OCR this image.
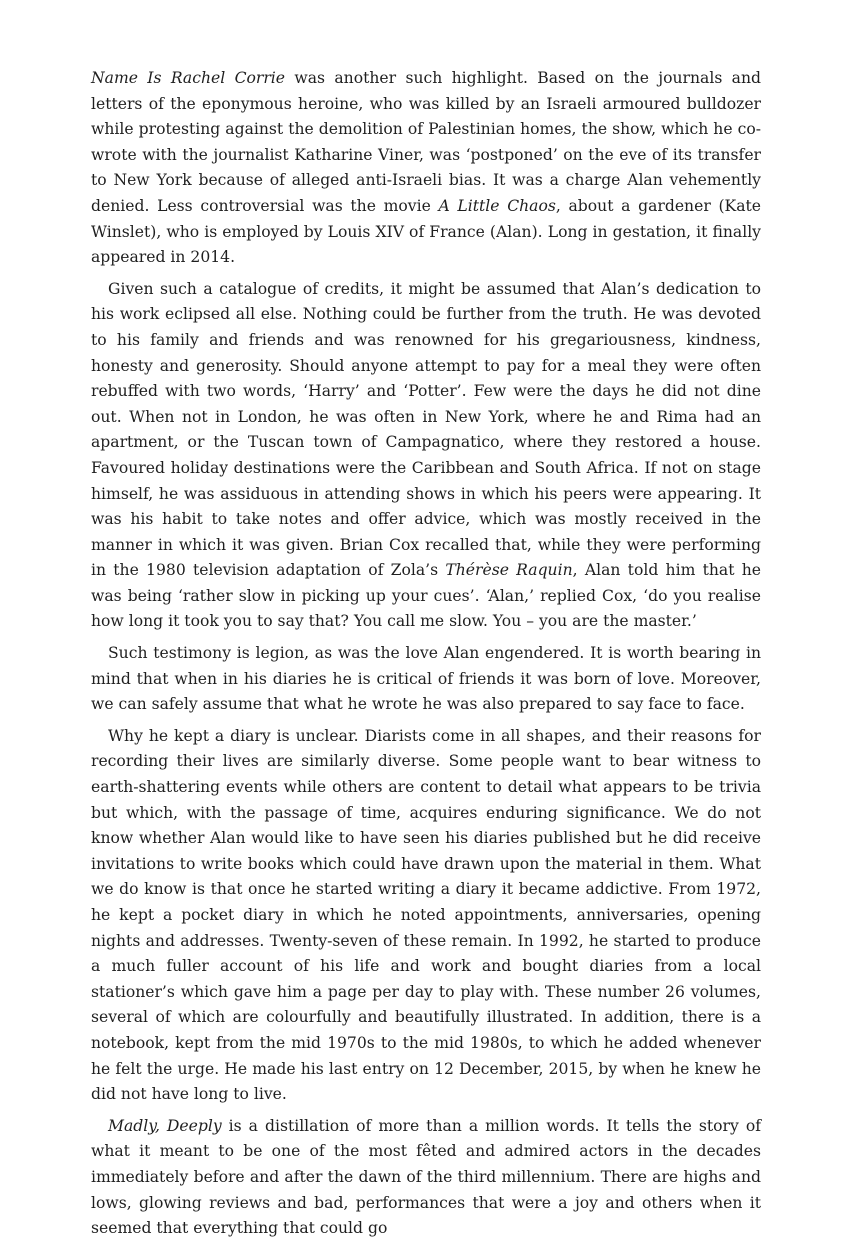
Name Is Rachel Corrie was another such highlight. Based on the journals and letters of the eponymous heroine, who was killed by an Israeli armoured bulldozer while protesting against the demolition of Palestinian homes, the show, which he co-wrote with the journalist Katharine Viner, was ‘postponed’ on the eve of its transfer to New York because of alleged anti-Israeli bias. It was a charge Alan vehemently denied. Less controversial was the movie A Little Chaos, about a gardener (Kate Winslet), who is employed by Louis XIV of France (Alan). Long in gestation, it finally appeared in 2014.

Given such a catalogue of credits, it might be assumed that Alan’s dedication to his work eclipsed all else. Nothing could be further from the truth. He was devoted to his family and friends and was renowned for his gregariousness, kindness, honesty and generosity. Should anyone attempt to pay for a meal they were often rebuffed with two words, ‘Harry’ and ‘Potter’. Few were the days he did not dine out. When not in London, he was often in New York, where he and Rima had an apartment, or the Tuscan town of Campagnatico, where they restored a house. Favoured holiday destinations were the Caribbean and South Africa. If not on stage himself, he was assiduous in attending shows in which his peers were appearing. It was his habit to take notes and offer advice, which was mostly received in the manner in which it was given. Brian Cox recalled that, while they were performing in the 1980 television adaptation of Zola’s Thérèse Raquin, Alan told him that he was being ‘rather slow in picking up your cues’. ‘Alan,’ replied Cox, ‘do you realise how long it took you to say that? You call me slow. You – you are the master.’

Such testimony is legion, as was the love Alan engendered. It is worth bearing in mind that when in his diaries he is critical of friends it was born of love. Moreover, we can safely assume that what he wrote he was also prepared to say face to face.

Why he kept a diary is unclear. Diarists come in all shapes, and their reasons for recording their lives are similarly diverse. Some people want to bear witness to earth-shattering events while others are content to detail what appears to be trivia but which, with the passage of time, acquires enduring significance. We do not know whether Alan would like to have seen his diaries published but he did receive invitations to write books which could have drawn upon the material in them. What we do know is that once he started writing a diary it became addictive. From 1972, he kept a pocket diary in which he noted appointments, anniversaries, opening nights and addresses. Twenty-seven of these remain. In 1992, he started to produce a much fuller account of his life and work and bought diaries from a local stationer’s which gave him a page per day to play with. These number 26 volumes, several of which are colourfully and beautifully illustrated. In addition, there is a notebook, kept from the mid 1970s to the mid 1980s, to which he added whenever he felt the urge. He made his last entry on 12 December, 2015, by when he knew he did not have long to live.

Madly, Deeply is a distillation of more than a million words. It tells the story of what it meant to be one of the most fêted and admired actors in the decades immediately before and after the dawn of the third millennium. There are highs and lows, glowing reviews and bad, performances that were a joy and others when it seemed that everything that could go
